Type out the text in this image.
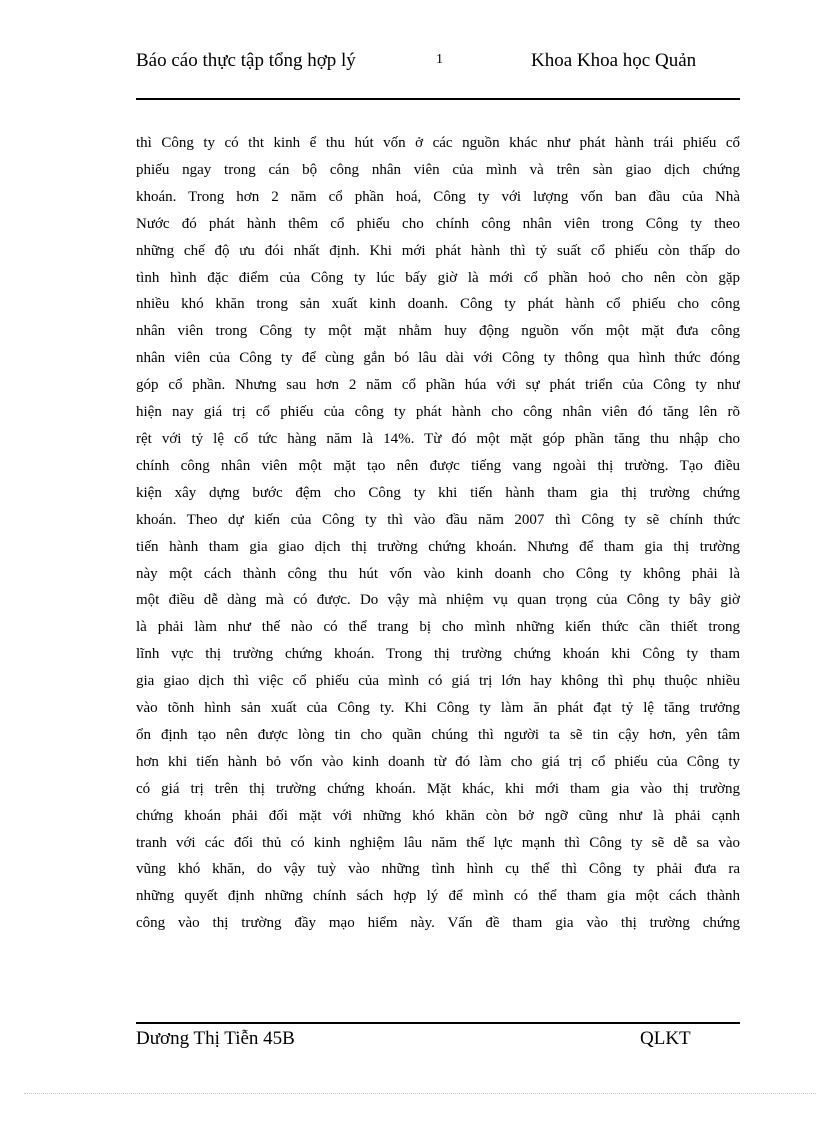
Báo cáo thực tập tổng hợp lý	1	Khoa Khoa học Quản
thì Công ty có tht kinh ể thu hút vốn ở các nguồn khác như phát hành trái phiếu cổ
phiếu ngay trong cán bộ công nhân viên của mình và trên sàn giao dịch chứng
khoán. Trong hơn 2 năm cổ phần hoá, Công ty với lượng vốn ban đầu của Nhà
Nước đó phát hành thêm cổ phiếu cho chính công nhân viên trong Công ty theo
những chế độ ưu đói nhất định. Khi mới phát hành thì tỷ suất cổ phiếu còn thấp do
tình hình đặc điểm của Công ty lúc bấy giờ là mới cổ phần hoỏ cho nên còn gặp
nhiều khó khăn trong sản xuất kinh doanh. Công ty phát hành cổ phiếu cho công
nhân viên trong Công ty một mặt nhằm huy động nguồn vốn một mặt đưa công
nhân viên của Công ty để cùng gắn bó lâu dài với Công ty thông qua hình thức đóng
góp cổ phần. Nhưng sau hơn 2 năm cổ phần húa với sự phát triển của Công ty như
hiện nay giá trị cổ phiếu của công ty phát hành cho công nhân viên đó tăng lên rõ
rệt với tỷ lệ cổ tức hàng năm là 14%. Từ đó một mặt góp phần tăng thu nhập cho
chính công nhân viên một mặt tạo nên được tiếng vang ngoài thị trường. Tạo điều
kiện xây dựng bước đệm cho Công ty khi tiến hành tham gia thị trường chứng
khoán. Theo dự kiến của Công ty thì vào đầu năm 2007 thì Công ty sẽ chính thức
tiến hành tham gia giao dịch thị trường chứng khoán. Nhưng để tham gia thị trường
này một cách thành công thu hút vốn vào kinh doanh cho Công ty không phải là
một điều dễ dàng mà có được. Do vậy mà nhiệm vụ quan trọng của Công ty bây giờ
là phải làm như thế nào có thể trang bị cho mình những kiến thức cần thiết trong
lĩnh vực thị trường chứng khoán. Trong thị trường chứng khoán khi Công ty tham
gia giao dịch thì việc cổ phiếu của mình có giá trị lớn hay không thì phụ thuộc nhiều
vào tõnh hình sản xuất của Công ty. Khi Công ty làm ăn phát đạt tỷ lệ tăng trưởng
ổn định tạo nên được lòng tin cho quần chúng thì người ta sẽ tin cậy hơn, yên tâm
hơn khi tiến hành bỏ vốn vào kinh doanh từ đó làm cho giá trị cổ phiếu của Công ty
có giá trị trên thị trường chứng khoán. Mặt khác, khi mới tham gia vào thị trường
chứng khoán phải đối mặt với những khó khăn còn bở ngỡ cũng như là phải cạnh
tranh với các đối thủ có kinh nghiệm lâu năm thế lực mạnh thì Công ty sẽ dễ sa vào
vũng khó khăn, do vậy tuỳ vào những tình hình cụ thể thì Công ty phải đưa ra
những quyết định những chính sách hợp lý để mình có thể tham gia một cách thành
công vào thị trường đầy mạo hiểm này. Vấn đề tham gia vào thị trường chứng
Dương Thị Tiễn 45B	QLKT
